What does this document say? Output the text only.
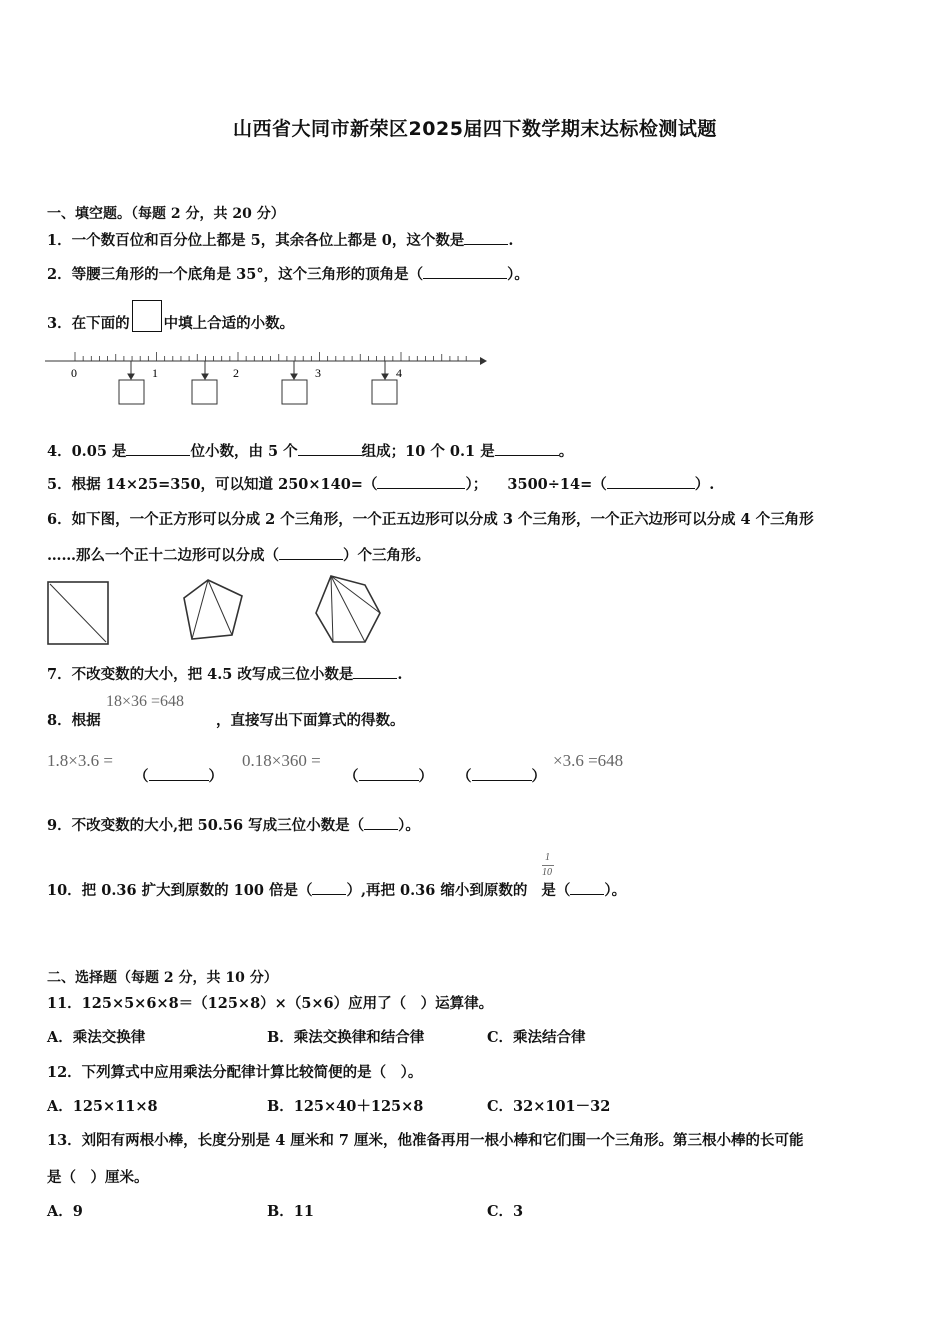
山西省大同市新荣区2025届四下数学期末达标检测试题
一、填空题。（每题 2 分，共 20 分）
1．一个数百位和百分位上都是 5，其余各位上都是 0，这个数是	.
2．等腰三角形的一个底角是 35°，这个三角形的顶角是（	）。
3．在下面的 中填上合适的小数。
0	1	2	3	4
4．0.05 是	位小数，由 5 个	组成；10 个 0.1 是	。
5．根据 14×25=350，可以知道 250×140=（	）； 3500÷14=（	）.
6．如下图，一个正方形可以分成 2 个三角形，一个正五边形可以分成 3 个三角形，一个正六边形可以分成 4 个三角形
……那么一个正十二边形可以分成（	）个三角形。
7．不改变数的大小，把 4.5 改写成三位小数是	.
8．根据
18×36 =648
，直接写出下面算式的得数。
1.8×3.6 =
（	）
0.18×360 =
（	） （	）
×3.6 =648
9．不改变数的大小,把 50.56 写成三位小数是（ ）。
10．把 0.36 扩大到原数的 100 倍是（ ）,再把 0.36 缩小到原数的 是（ ）。
1
10
二、选择题（每题 2 分，共 10 分）
11．125×5×6×8＝（125×8）×（5×6）应用了（　）运算律。
A．乘法交换律	B．乘法交换律和结合律	C．乘法结合律
12．下列算式中应用乘法分配律计算比较简便的是（　）。
A．125×11×8	B．125×40＋125×8	C．32×101－32
13．刘阳有两根小棒，长度分别是 4 厘米和 7 厘米，他准备再用一根小棒和它们围一个三角形。第三根小棒的长可能
是（　）厘米。
A．9	B．11	C．3
